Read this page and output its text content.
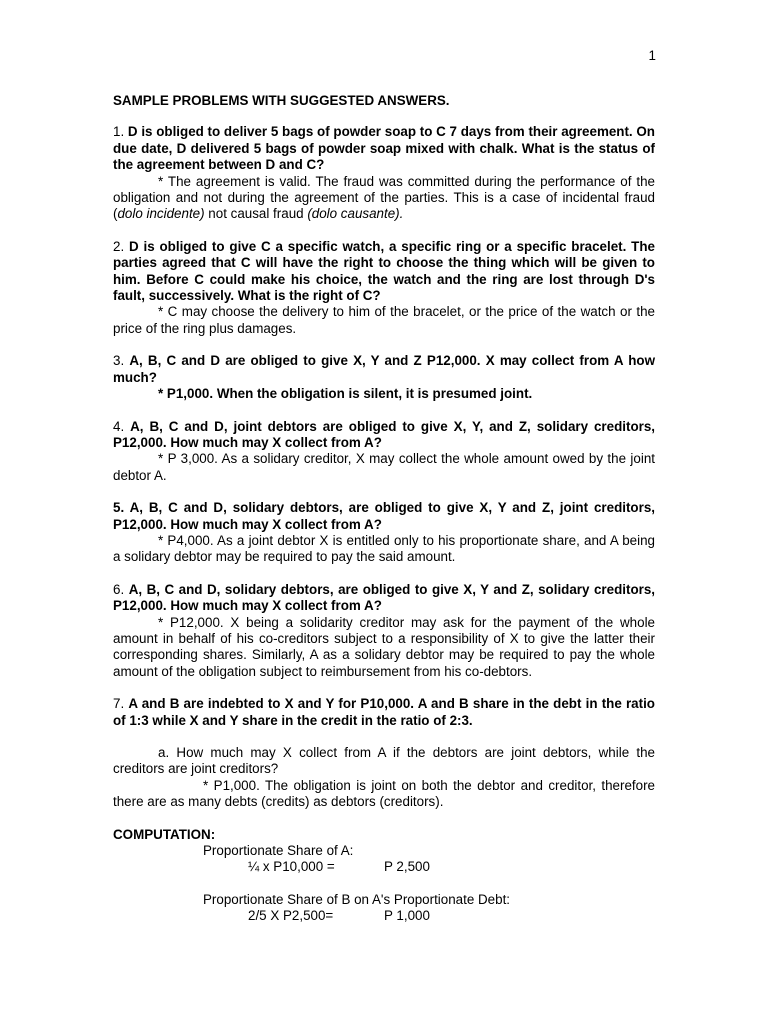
1
SAMPLE PROBLEMS WITH SUGGESTED ANSWERS.
1. D is obliged to deliver 5 bags of powder soap to C 7 days from their agreement. On due date, D delivered 5 bags of powder soap mixed with chalk. What is the status of the agreement between D and C?
* The agreement is valid. The fraud was committed during the performance of the obligation and not during the agreement of the parties. This is a case of incidental fraud (dolo incidente) not causal fraud (dolo causante).
2. D is obliged to give C a specific watch, a specific ring or a specific bracelet. The parties agreed that C will have the right to choose the thing which will be given to him. Before C could make his choice, the watch and the ring are lost through D's fault, successively. What is the right of C?
* C may choose the delivery to him of the bracelet, or the price of the watch or the price of the ring plus damages.
3. A, B, C and D are obliged to give X, Y and Z P12,000. X may collect from A how much?
* P1,000. When the obligation is silent, it is presumed joint.
4. A, B, C and D, joint debtors are obliged to give X, Y, and Z, solidary creditors, P12,000. How much may X collect from A?
* P 3,000. As a solidary creditor, X may collect the whole amount owed by the joint debtor A.
5. A, B, C and D, solidary debtors, are obliged to give X, Y and Z, joint creditors, P12,000. How much may X collect from A?
* P4,000. As a joint debtor X is entitled only to his proportionate share, and A being a solidary debtor may be required to pay the said amount.
6. A, B, C and D, solidary debtors, are obliged to give X, Y and Z, solidary creditors, P12,000. How much may X collect from A?
* P12,000. X being a solidarity creditor may ask for the payment of the whole amount in behalf of his co-creditors subject to a responsibility of X to give the latter their corresponding shares. Similarly, A as a solidary debtor may be required to pay the whole amount of the obligation subject to reimbursement from his co-debtors.
7. A and B are indebted to X and Y for P10,000. A and B share in the debt in the ratio of 1:3 while X and Y share in the credit in the ratio of 2:3.
a. How much may X collect from A if the debtors are joint debtors, while the creditors are joint creditors?
* P1,000. The obligation is joint on both the debtor and creditor, therefore there are as many debts (credits) as debtors (creditors).
COMPUTATION:
Proportionate Share of A:
¼ x P10,000 =	P 2,500
Proportionate Share of B on A's Proportionate Debt:
2/5 X P2,500=	P 1,000
